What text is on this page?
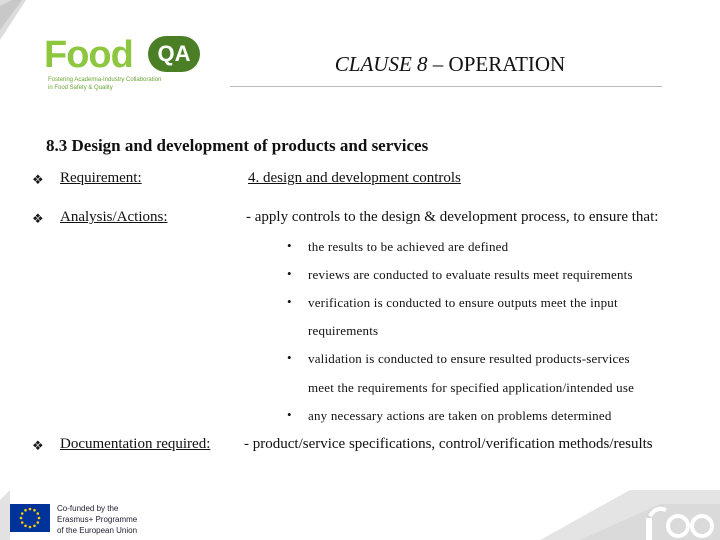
Food	QA
Fostering Academia-Industry Collaboration
in Food Safety & Quality
CLAUSE 8 – OPERATION
8.3 Design and development of products and services
❖ Requirement:	4. design and development controls
❖ Analysis/Actions:	- apply controls to the design & development process, to ensure that:
• the results to be achieved are defined
• reviews are conducted to evaluate results meet requirements
• verification is conducted to ensure outputs meet the input
requirements
• validation is conducted to ensure resulted products-services
meet the requirements for specified application/intended use
• any necessary actions are taken on problems determined
❖ Documentation required: - product/service specifications, control/verification methods/results
Co-funded by the
Erasmus+ Programme
of the European Union
